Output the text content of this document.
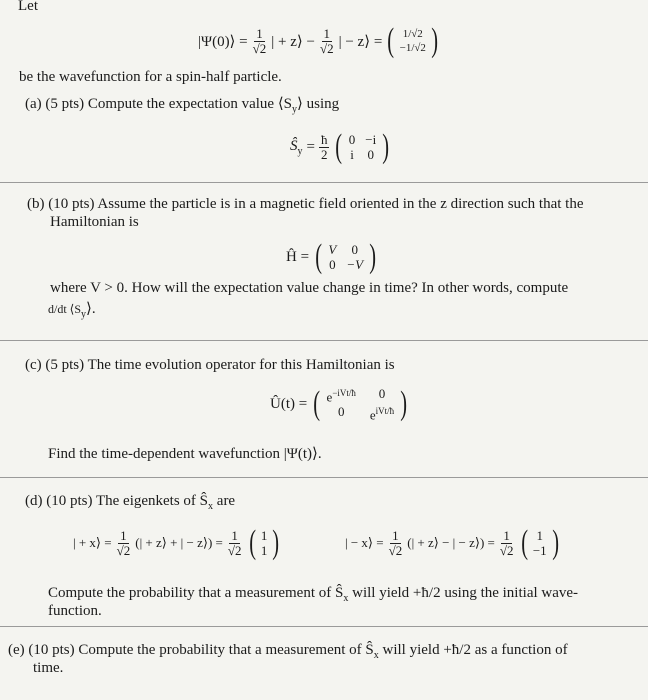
Let
|Ψ(0)⟩ = $\frac{1}{√2}$ | + z⟩ − $\frac{1}{√2}$ | − z⟩ = ( 1/√2
−1/√2 )
be the wavefunction for a spin-half particle.
(a) (5 pts) Compute the expectation value $⟨S_y⟩$ using
$Ŝ_y = \frac{ħ}{2}$ ( 0 −i
i 0 )
(b) (10 pts) Assume the particle is in a magnetic field oriented in the z direction such that the
Hamiltonian is
Ĥ = ( V	0
0 −V )
where V > 0. How will the expectation value change in time? In other words, compute
d/dt $⟨S_y⟩$.
(c) (5 pts) The time evolution operator for this Hamiltonian is
Û(t) = ( $e^{-iVt/ħ}$	0
0	$e^{iVt/ħ}$ )
Find the time-dependent wavefunction |Ψ(t)⟩.
(d) (10 pts) The eigenkets of $Ŝ_x$ are
| + x⟩ = $\frac{1}{√2}$ (| + z⟩ + | − z⟩) = $\frac{1}{√2}$ ( 1
1 )	| − x⟩ = $\frac{1}{√2}$ (| + z⟩ − | − z⟩) = $\frac{1}{√2}$ ( 1
−1 )
Compute the probability that a measurement of $Ŝ_x$ will yield +ħ/2 using the initial wave-
function.
(e) (10 pts) Compute the probability that a measurement of $Ŝ_x$ will yield +ħ/2 as a function of
time.
